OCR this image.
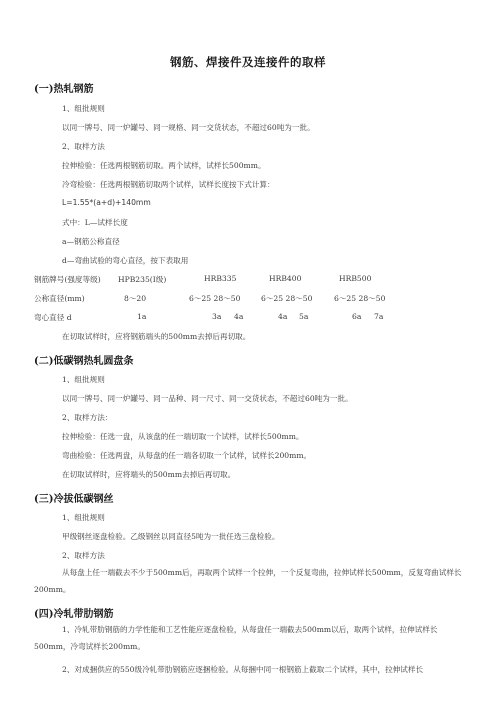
钢筋、焊接件及连接件的取样
(一)热轧钢筋
1、组批规则
以同一牌号、同一炉罐号、同一规格、同一交货状态，不超过60吨为一批。
2、取样方法
拉伸检验：任选两根钢筋切取。两个试样，试样长500mm。
冷弯检验：任选两根钢筋切取两个试样，试样长度按下式计算：
L=1.55*(a+d)+140mm
式中：L—试样长度
a—钢筋公称直径
d—弯曲试验的弯心直径，按下表取用
钢筋牌号(强度等级) HPB235(Ⅰ级)	HRB335	HRB400	HRB500
公称直径(mm)	8～20	6～25 28～50	6～25 28～50	6～25 28～50
弯心直径 d	1a	3a 4a	4a 5a	6a 7a
在切取试样时，应将钢筋端头的500mm去掉后再切取。
(二)低碳钢热轧圆盘条
1、组批规则
以同一牌号、同一炉罐号、同一品种、同一尺寸、同一交货状态，不超过60吨为一批。
2、取样方法：
拉伸检验：任选一盘，从该盘的任一端切取一个试样，试样长500mm。
弯曲检验：任选两盘，从每盘的任一端各切取一个试样，试样长200mm。
在切取试样时，应将端头的500mm去掉后再切取。
(三)冷拔低碳钢丝
1、组批规则
甲级钢丝逐盘检验。乙级钢丝以同直径5吨为一批任选三盘检验。
2、取样方法
从每盘上任一端截去不少于500mm后，再取两个试样一个拉伸，一个反复弯曲，拉伸试样长500mm，反复弯曲试样长200mm。
(四)冷轧带肋钢筋
1、冷轧带肋钢筋的力学性能和工艺性能应逐盘检验，从每盘任一端截去500mm以后，取两个试样，拉伸试样长500mm，冷弯试样长200mm。
2、对成捆供应的550级冷轧带肋钢筋应逐捆检验。从每捆中同一根钢筋上截取二个试样，其中，拉伸试样长
